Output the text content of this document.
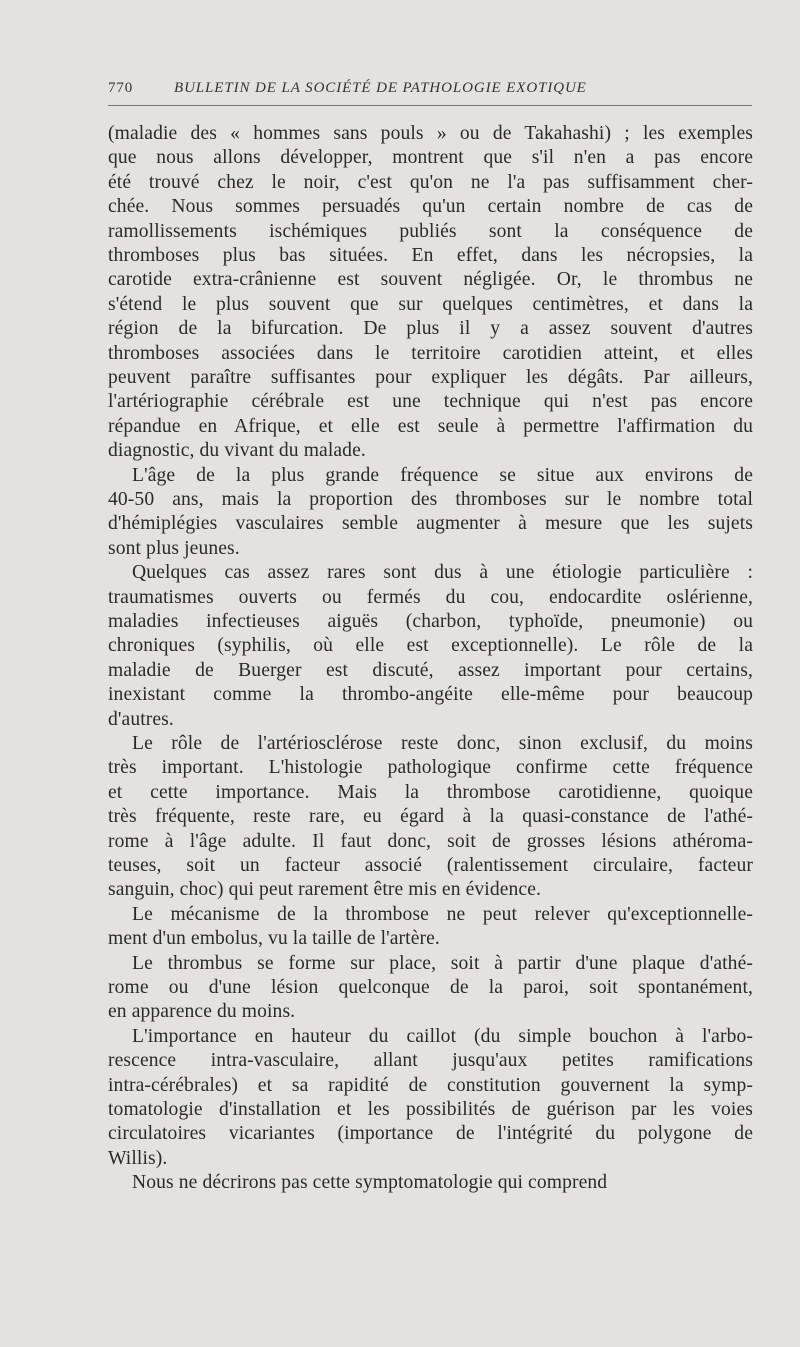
770	BULLETIN DE LA SOCIÉTÉ DE PATHOLOGIE EXOTIQUE
(maladie des « hommes sans pouls » ou de Takahashi) ; les exemples
que nous allons développer, montrent que s'il n'en a pas encore
été trouvé chez le noir, c'est qu'on ne l'a pas suffisamment cher-
chée. Nous sommes persuadés qu'un certain nombre de cas de
ramollissements ischémiques publiés sont la conséquence de
thromboses plus bas situées. En effet, dans les nécropsies, la
carotide extra-crânienne est souvent négligée. Or, le thrombus ne
s'étend le plus souvent que sur quelques centimètres, et dans la
région de la bifurcation. De plus il y a assez souvent d'autres
thromboses associées dans le territoire carotidien atteint, et elles
peuvent paraître suffisantes pour expliquer les dégâts. Par ailleurs,
l'artériographie cérébrale est une technique qui n'est pas encore
répandue en Afrique, et elle est seule à permettre l'affirmation du
diagnostic, du vivant du malade.
L'âge de la plus grande fréquence se situe aux environs de
40-50 ans, mais la proportion des thromboses sur le nombre total
d'hémiplégies vasculaires semble augmenter à mesure que les sujets
sont plus jeunes.
Quelques cas assez rares sont dus à une étiologie particulière :
traumatismes ouverts ou fermés du cou, endocardite oslérienne,
maladies infectieuses aiguës (charbon, typhoïde, pneumonie) ou
chroniques (syphilis, où elle est exceptionnelle). Le rôle de la
maladie de Buerger est discuté, assez important pour certains,
inexistant comme la thrombo-angéite elle-même pour beaucoup
d'autres.
Le rôle de l'artériosclérose reste donc, sinon exclusif, du moins
très important. L'histologie pathologique confirme cette fréquence
et cette importance. Mais la thrombose carotidienne, quoique
très fréquente, reste rare, eu égard à la quasi-constance de l'athé-
rome à l'âge adulte. Il faut donc, soit de grosses lésions athéroma-
teuses, soit un facteur associé (ralentissement circulaire, facteur
sanguin, choc) qui peut rarement être mis en évidence.
Le mécanisme de la thrombose ne peut relever qu'exceptionnelle-
ment d'un embolus, vu la taille de l'artère.
Le thrombus se forme sur place, soit à partir d'une plaque d'athé-
rome ou d'une lésion quelconque de la paroi, soit spontanément,
en apparence du moins.
L'importance en hauteur du caillot (du simple bouchon à l'arbo-
rescence intra-vasculaire, allant jusqu'aux petites ramifications
intra-cérébrales) et sa rapidité de constitution gouvernent la symp-
tomatologie d'installation et les possibilités de guérison par les voies
circulatoires vicariantes (importance de l'intégrité du polygone de
Willis).
Nous ne décrirons pas cette symptomatologie qui comprend
